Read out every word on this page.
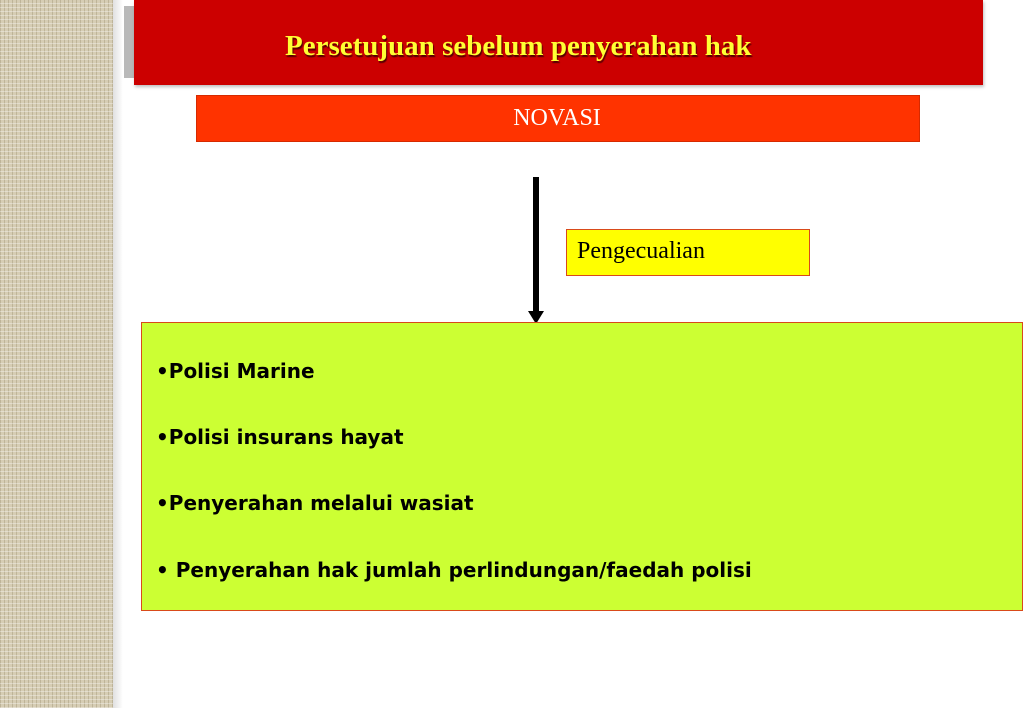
Persetujuan sebelum penyerahan hak
NOVASI
Pengecualian
•Polisi Marine
•Polisi insurans hayat
•Penyerahan melalui wasiat
• Penyerahan hak jumlah perlindungan/faedah polisi
